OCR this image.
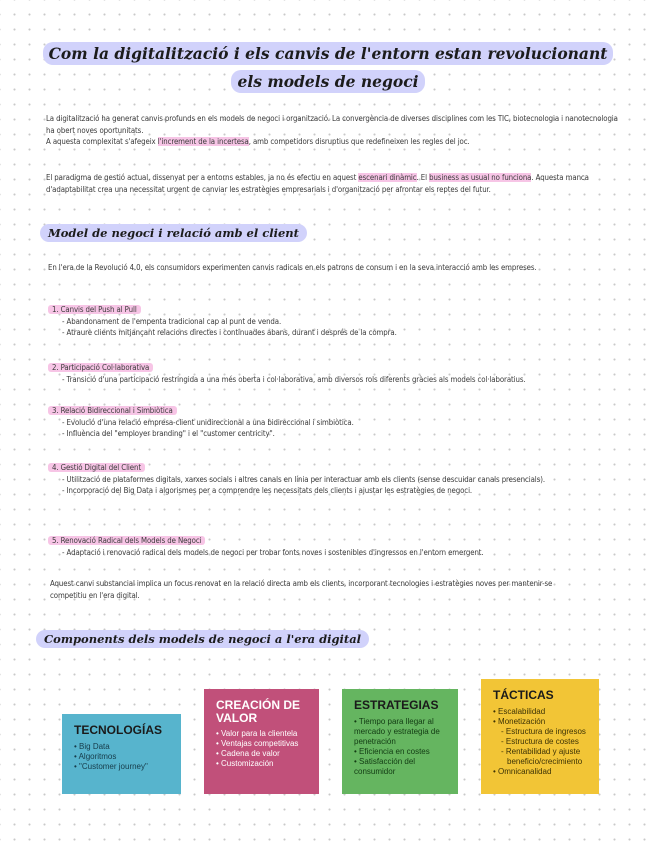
Com la digitalització i els canvis de l'entorn estan revolucionant els models de negoci
La digitalització ha generat canvis profunds en els models de negoci i organització. La convergència de diverses disciplines com les TIC, biotecnologia i nanotecnologia ha obert noves oportunitats.
A aquesta complexitat s'afegeix l'increment de la incertesa, amb competidors disruptius que redefineixen les regles del joc.
El paradigma de gestió actual, dissenyat per a entorns estables, ja no és efectiu en aquest escenari dinàmic. El business as usual no funciona. Aquesta manca d'adaptabilitat crea una necessitat urgent de canviar les estratègies empresarials i d'organització per afrontar els reptes del futur.
Model de negoci i relació amb el client
En l'era de la Revolució 4.0, els consumidors experimenten canvis radicals en els patrons de consum i en la seva interacció amb les empreses.
1. Canvis del Push al Pull
- Abandonament de l'empenta tradicional cap al punt de venda.
- Atraure clients mitjançant relacions directes i continuades abans, durant i després de la compra.
2. Participació Col·laborativa
- Transició d'una participació restringida a una més oberta i col·laborativa, amb diversos rols diferents gràcies als models col·laboratius.
3. Relació Bidireccional i Simbiòtica
- Evolució d'una relació empresa-client unidireccional a una bidireccional i simbiòtica.
- Influència del "employer branding" i el "customer centricity".
4. Gestió Digital del Client
- Utilització de plataformes digitals, xarxes socials i altres canals en línia per interactuar amb els clients (sense descuidar canals presencials).
- Incorporació del Big Data i algorismes per a comprendre les necessitats dels clients i ajustar les estratègies de negoci.
5. Renovació Radical dels Models de Negoci
- Adaptació i renovació radical dels models de negoci per trobar fonts noves i sostenibles d'ingressos en l'entorn emergent.
Aquest canvi substancial implica un focus renovat en la relació directa amb els clients, incorporant tecnologies i estratègies noves per mantenir-se competitiu en l'era digital.
Components dels models de negoci a l'era digital
TECNOLOGÍAS
• Big Data
• Algoritmos
• "Customer journey"
CREACIÓN DE VALOR
• Valor para la clientela
• Ventajas competitivas
• Cadena de valor
• Customización
ESTRATEGIAS
• Tiempo para llegar al mercado y estrategia de penetración
• Eficiencia en costes
• Satisfacción del consumidor
TÁCTICAS
• Escalabilidad
• Monetización
- Estructura de ingresos
- Estructura de costes
- Rentabilidad y ajuste
beneficio/crecimiento
• Omnicanalidad
